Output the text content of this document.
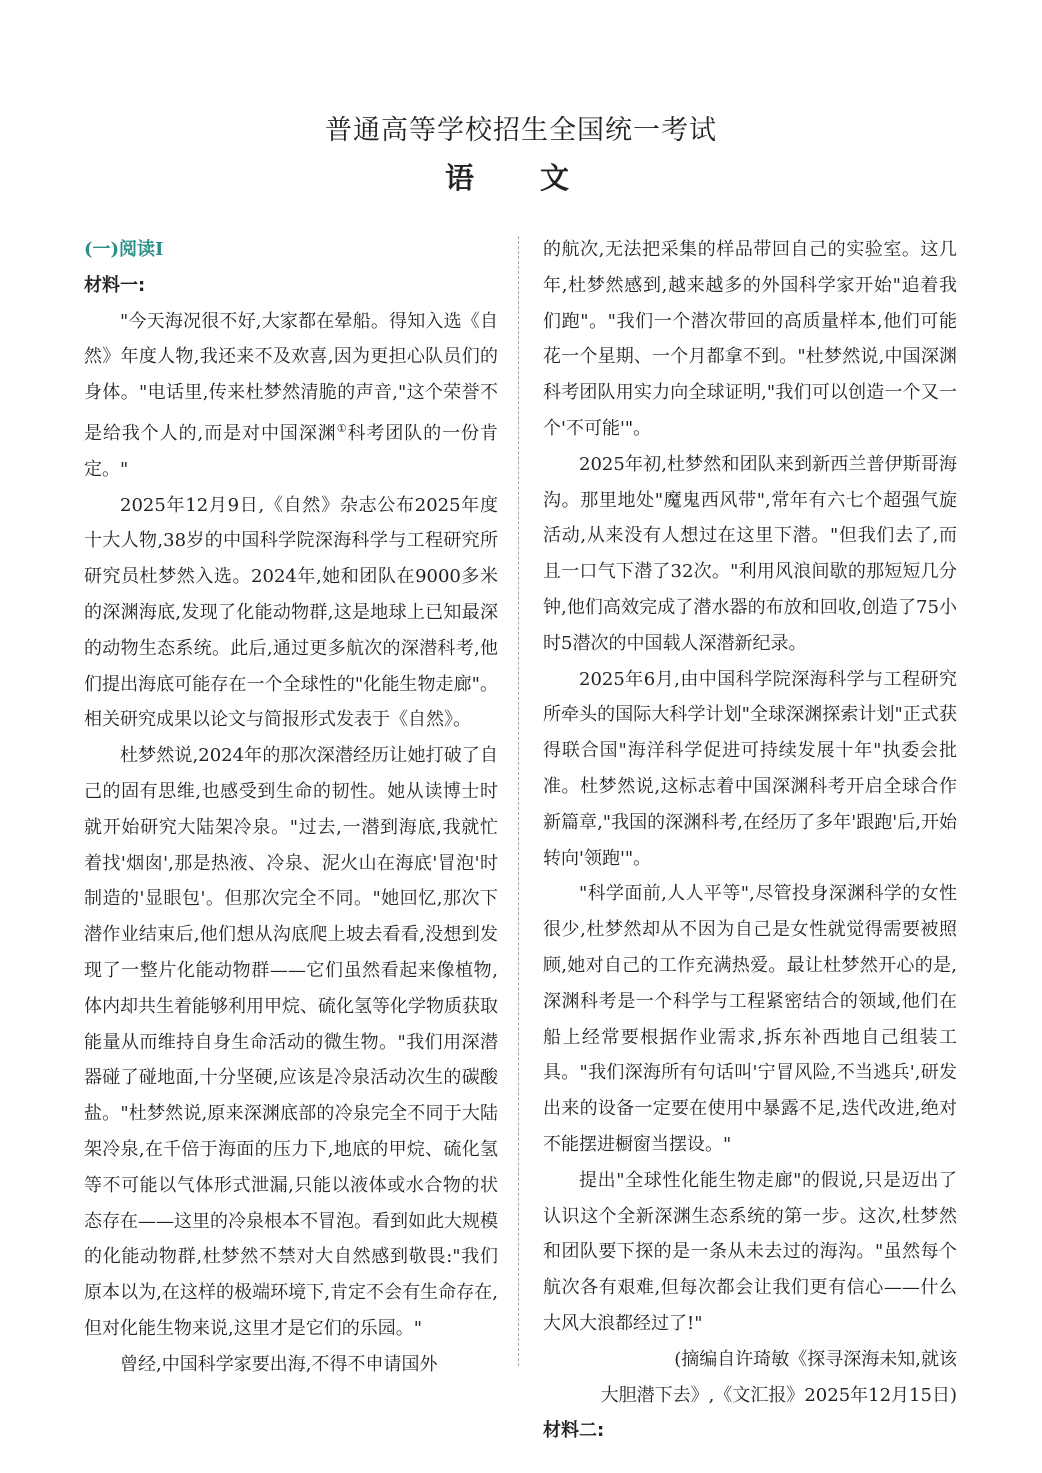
普通高等学校招生全国统一考试
语 文
(一)阅读Ⅰ
材料一:

"今天海况很不好,大家都在晕船。得知入选《自然》年度人物,我还来不及欢喜,因为更担心队员们的身体。"电话里,传来杜梦然清脆的声音,"这个荣誉不是给我个人的,而是对中国深渊①科考团队的一份肯定。"

2025年12月9日,《自然》杂志公布2025年度十大人物,38岁的中国科学院深海科学与工程研究所研究员杜梦然入选。2024年,她和团队在9000多米的深渊海底,发现了化能动物群,这是地球上已知最深的动物生态系统。此后,通过更多航次的深潜科考,他们提出海底可能存在一个全球性的"化能生物走廊"。相关研究成果以论文与简报形式发表于《自然》。

杜梦然说,2024年的那次深潜经历让她打破了自己的固有思维,也感受到生命的韧性。她从读博士时就开始研究大陆架冷泉。"过去,一潜到海底,我就忙着找'烟囱',那是热液、冷泉、泥火山在海底'冒泡'时制造的'显眼包'。但那次完全不同。"她回忆,那次下潜作业结束后,他们想从沟底爬上坡去看看,没想到发现了一整片化能动物群——它们虽然看起来像植物,体内却共生着能够利用甲烷、硫化氢等化学物质获取能量从而维持自身生命活动的微生物。"我们用深潜器碰了碰地面,十分坚硬,应该是冷泉活动次生的碳酸盐。"杜梦然说,原来深渊底部的冷泉完全不同于大陆架冷泉,在千倍于海面的压力下,地底的甲烷、硫化氢等不可能以气体形式泄漏,只能以液体或水合物的状态存在——这里的冷泉根本不冒泡。看到如此大规模的化能动物群,杜梦然不禁对大自然感到敬畏:"我们原本以为,在这样的极端环境下,肯定不会有生命存在,但对化能生物来说,这里才是它们的乐园。"

曾经,中国科学家要出海,不得不申请国外

的航次,无法把采集的样品带回自己的实验室。这几年,杜梦然感到,越来越多的外国科学家开始"追着我们跑"。"我们一个潜次带回的高质量样本,他们可能花一个星期、一个月都拿不到。"杜梦然说,中国深渊科考团队用实力向全球证明,"我们可以创造一个又一个'不可能'"。

2025年初,杜梦然和团队来到新西兰普伊斯哥海沟。那里地处"魔鬼西风带",常年有六七个超强气旋活动,从来没有人想过在这里下潜。"但我们去了,而且一口气下潜了32次。"利用风浪间歇的那短短几分钟,他们高效完成了潜水器的布放和回收,创造了75小时5潜次的中国载人深潜新纪录。

2025年6月,由中国科学院深海科学与工程研究所牵头的国际大科学计划"全球深渊探索计划"正式获得联合国"海洋科学促进可持续发展十年"执委会批准。杜梦然说,这标志着中国深渊科考开启全球合作新篇章,"我国的深渊科考,在经历了多年'跟跑'后,开始转向'领跑'"。

"科学面前,人人平等",尽管投身深渊科学的女性很少,杜梦然却从不因为自己是女性就觉得需要被照顾,她对自己的工作充满热爱。最让杜梦然开心的是,深渊科考是一个科学与工程紧密结合的领域,他们在船上经常要根据作业需求,拆东补西地自己组装工具。"我们深海所有句话叫'宁冒风险,不当逃兵',研发出来的设备一定要在使用中暴露不足,迭代改进,绝对不能摆进橱窗当摆设。"

提出"全球性化能生物走廊"的假说,只是迈出了认识这个全新深渊生态系统的第一步。这次,杜梦然和团队要下探的是一条从未去过的海沟。"虽然每个航次各有艰难,但每次都会让我们更有信心——什么大风大浪都经过了!"

(摘编自许琦敏《探寻深海未知,就该

大胆潜下去》,《文汇报》2025年12月15日)

材料二:
